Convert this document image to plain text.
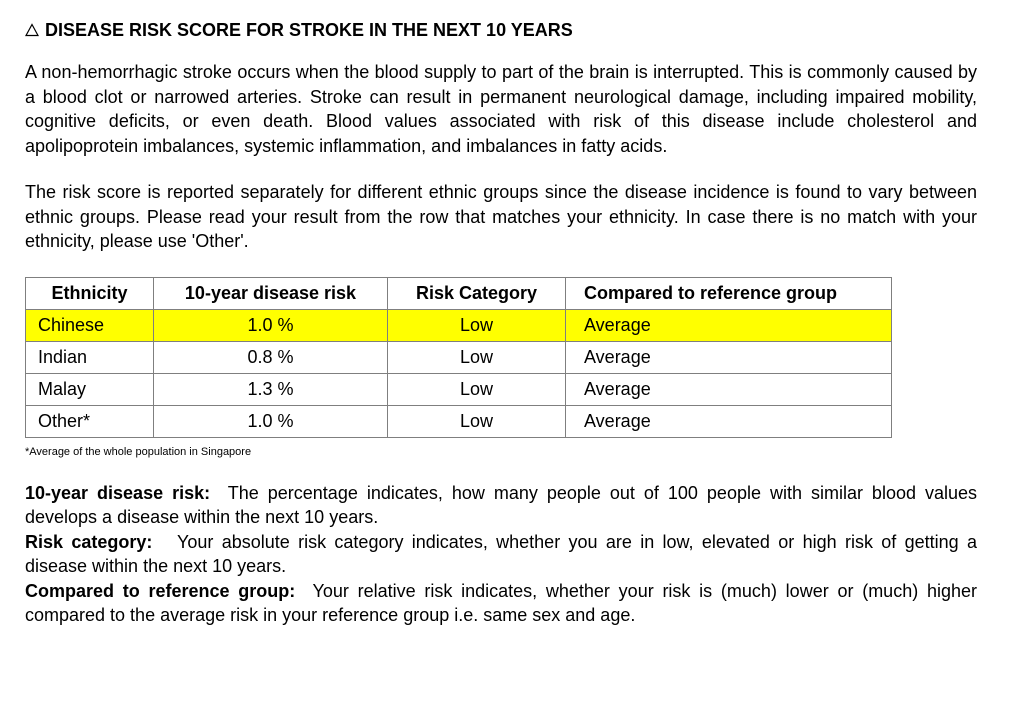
DISEASE RISK SCORE FOR STROKE IN THE NEXT 10 YEARS

A non-hemorrhagic stroke occurs when the blood supply to part of the brain is interrupted. This is commonly caused by a blood clot or narrowed arteries. Stroke can result in permanent neurological damage, including impaired mobility, cognitive deficits, or even death. Blood values associated with risk of this disease include cholesterol and apolipoprotein imbalances, systemic inflammation, and imbalances in fatty acids.

The risk score is reported separately for different ethnic groups since the disease incidence is found to vary between ethnic groups. Please read your result from the row that matches your ethnicity. In case there is no match with your ethnicity, please use 'Other'.

Ethnicity	10-year disease risk	Risk Category	Compared to reference group
Chinese	1.0 %	Low	Average
Indian	0.8 %	Low	Average
Malay	1.3 %	Low	Average
Other*	1.0 %	Low	Average
*Average of the whole population in Singapore

10-year disease risk: The percentage indicates, how many people out of 100 people with similar blood values develops a disease within the next 10 years.

Risk category: Your absolute risk category indicates, whether you are in low, elevated or high risk of getting a disease within the next 10 years.

Compared to reference group: Your relative risk indicates, whether your risk is (much) lower or (much) higher compared to the average risk in your reference group i.e. same sex and age.
